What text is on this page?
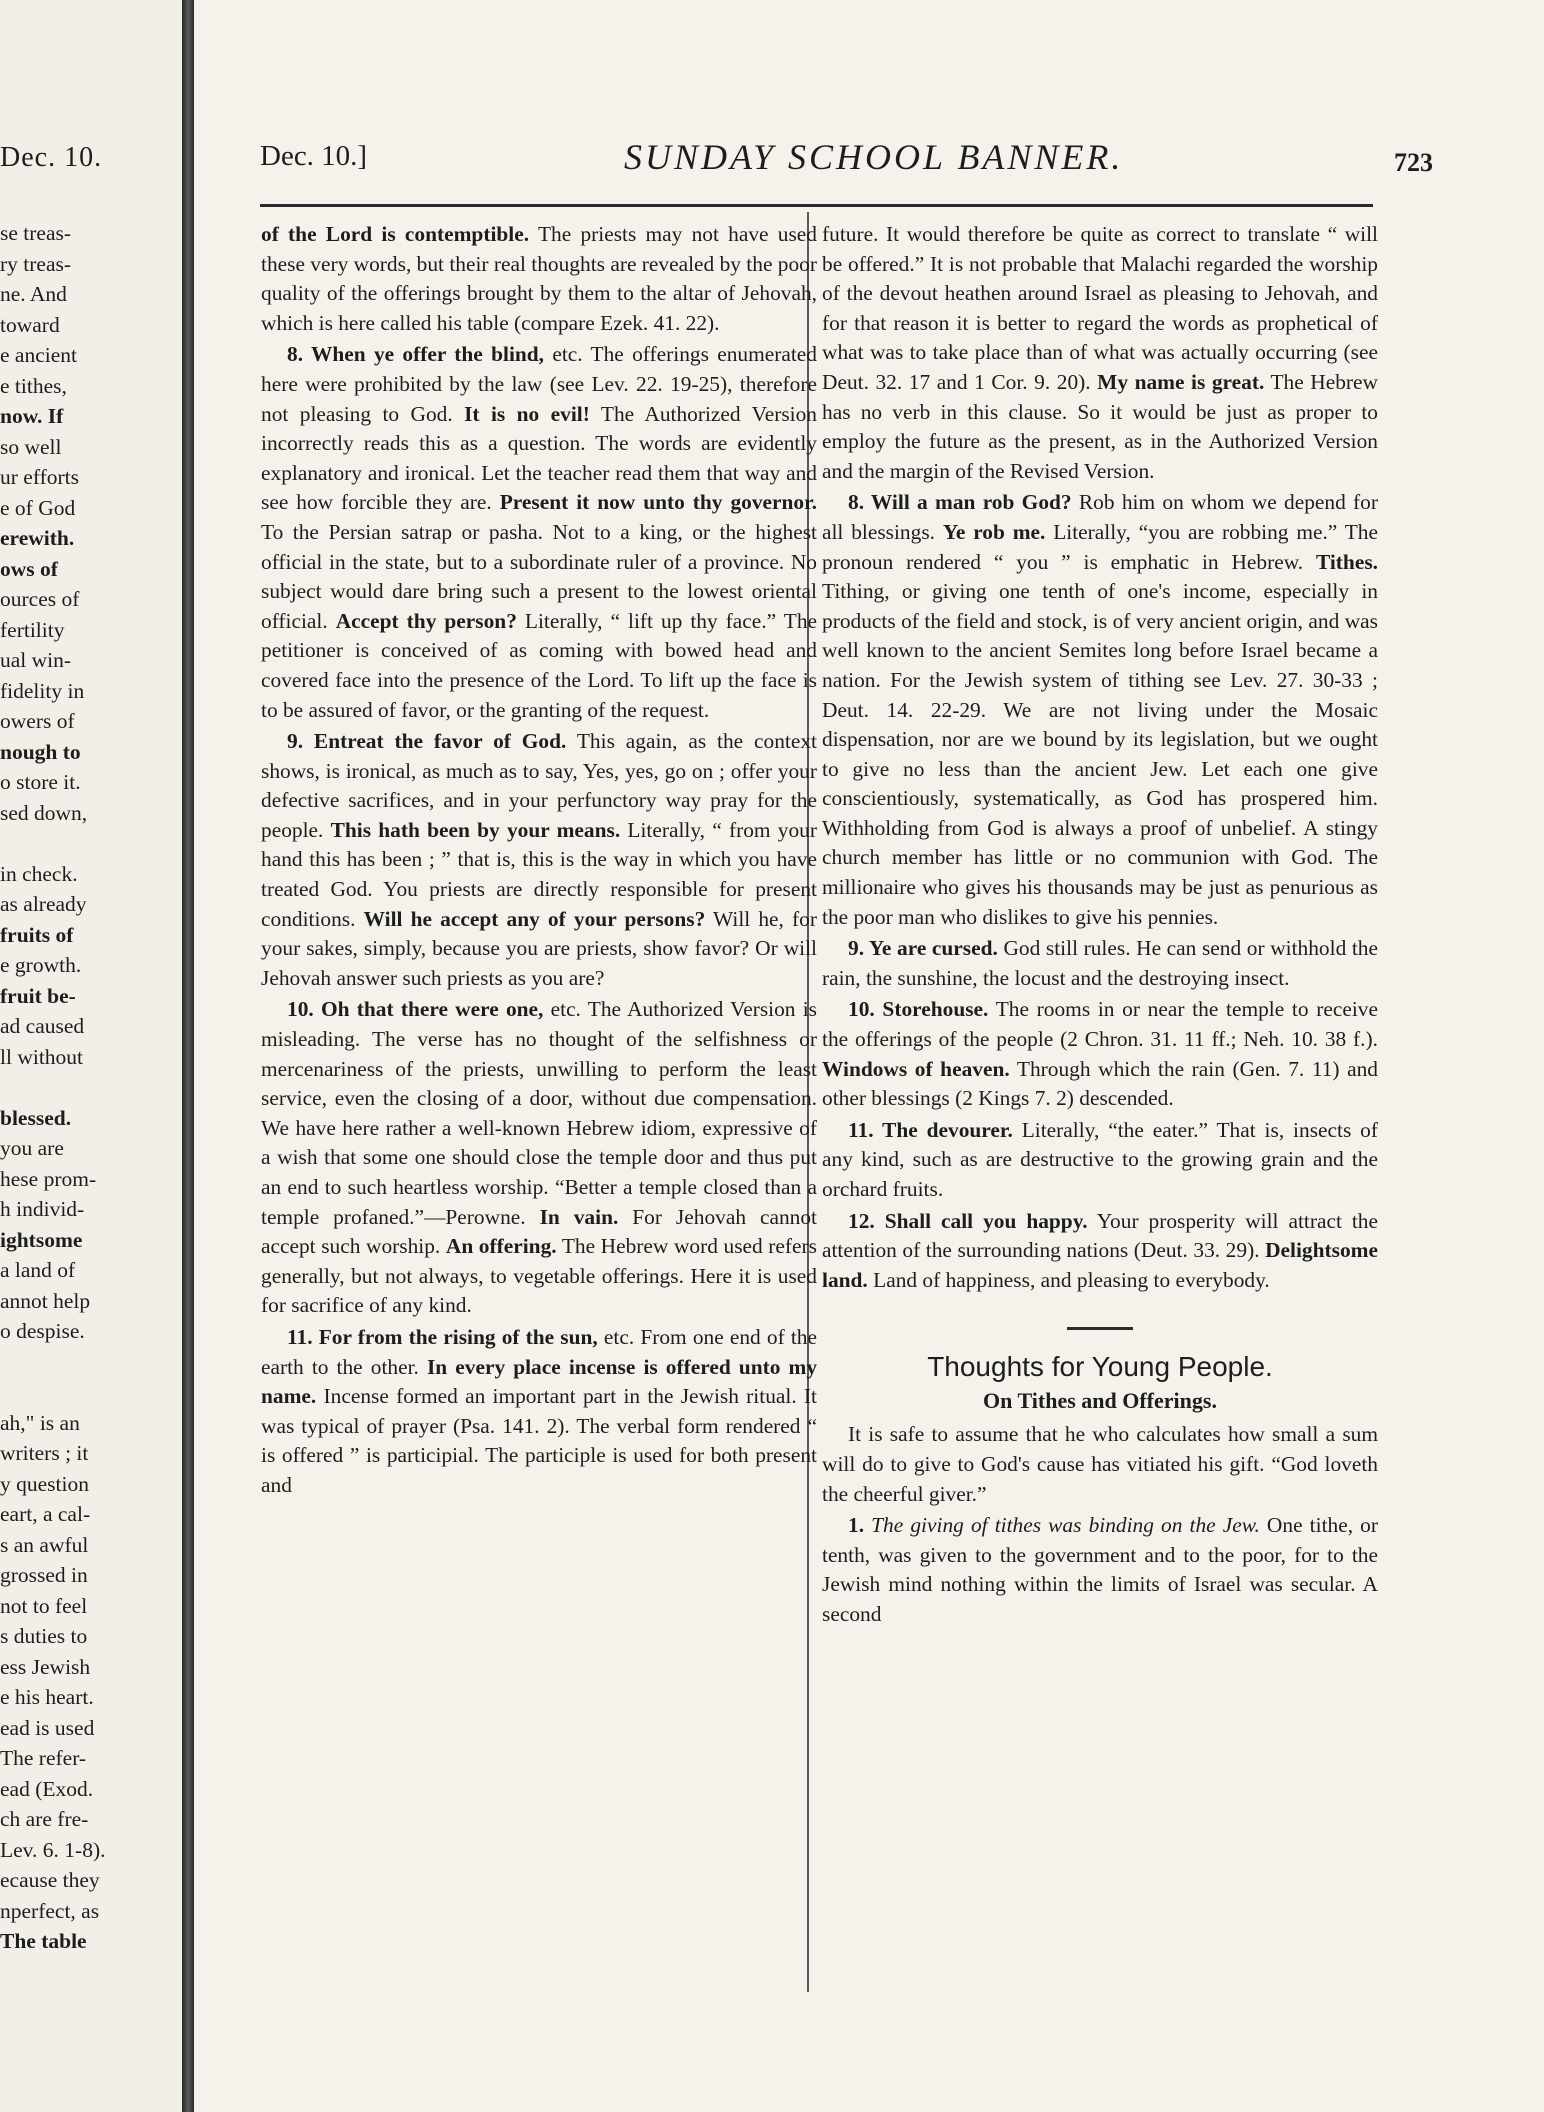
Dec. 10.
se treas-
ry treas-
ne. And
toward
e ancient
e tithes,
now. If
so well
ur efforts
e of God
erewith.
ows of
ources of
fertility
ual win-
fidelity in
owers of
nough to
o store it.
sed down,
in check.
as already
fruits of
e growth.
fruit be-
ad caused
ll without
blessed.
you are
hese prom-
h individ-
ightsome
a land of
annot help
o despise.
ah," is an
writers ; it
y question
eart, a cal-
s an awful
grossed in
not to feel
s duties to
ess Jewish
e his heart.
ead is used
The refer-
ead (Exod.
ch are fre-
Lev. 6. 1-8).
ecause they
nperfect, as
The table
Dec. 10.]	SUNDAY SCHOOL BANNER.	723

of the Lord is contemptible. The priests may not have used these very words, but their real thoughts are revealed by the poor quality of the offerings brought by them to the altar of Jehovah, which is here called his table (compare Ezek. 41. 22).

8. When ye offer the blind, etc. The offerings enumerated here were prohibited by the law (see Lev. 22. 19-25), therefore not pleasing to God. It is no evil! The Authorized Version incorrectly reads this as a question. The words are evidently explanatory and ironical. Let the teacher read them that way and see how forcible they are. Present it now unto thy governor. To the Persian satrap or pasha. Not to a king, or the highest official in the state, but to a subordinate ruler of a province. No subject would dare bring such a present to the lowest oriental official. Accept thy person? Literally, “ lift up thy face.” The petitioner is conceived of as coming with bowed head and covered face into the presence of the Lord. To lift up the face is to be assured of favor, or the granting of the request.

9. Entreat the favor of God. This again, as the context shows, is ironical, as much as to say, Yes, yes, go on ; offer your defective sacrifices, and in your perfunctory way pray for the people. This hath been by your means. Literally, “ from your hand this has been ; ” that is, this is the way in which you have treated God. You priests are directly responsible for present conditions. Will he accept any of your persons? Will he, for your sakes, simply, because you are priests, show favor? Or will Jehovah answer such priests as you are?

10. Oh that there were one, etc. The Authorized Version is misleading. The verse has no thought of the selfishness or mercenariness of the priests, unwilling to perform the least service, even the closing of a door, without due compensation. We have here rather a well-known Hebrew idiom, expressive of a wish that some one should close the temple door and thus put an end to such heartless worship. “Better a temple closed than a temple profaned.”—Perowne. In vain. For Jehovah cannot accept such worship. An offering. The Hebrew word used refers generally, but not always, to vegetable offerings. Here it is used for sacrifice of any kind.

11. For from the rising of the sun, etc. From one end of the earth to the other. In every place incense is offered unto my name. Incense formed an important part in the Jewish ritual. It was typical of prayer (Psa. 141. 2). The verbal form rendered “ is offered ” is participial. The participle is used for both present and

future. It would therefore be quite as correct to translate “ will be offered.” It is not probable that Malachi regarded the worship of the devout heathen around Israel as pleasing to Jehovah, and for that reason it is better to regard the words as prophetical of what was to take place than of what was actually occurring (see Deut. 32. 17 and 1 Cor. 9. 20). My name is great. The Hebrew has no verb in this clause. So it would be just as proper to employ the future as the present, as in the Authorized Version and the margin of the Revised Version.

8. Will a man rob God? Rob him on whom we depend for all blessings. Ye rob me. Literally, “you are robbing me.” The pronoun rendered “ you ” is emphatic in Hebrew. Tithes. Tithing, or giving one tenth of one's income, especially in products of the field and stock, is of very ancient origin, and was well known to the ancient Semites long before Israel became a nation. For the Jewish system of tithing see Lev. 27. 30-33 ; Deut. 14. 22-29. We are not living under the Mosaic dispensation, nor are we bound by its legislation, but we ought to give no less than the ancient Jew. Let each one give conscientiously, systematically, as God has prospered him. Withholding from God is always a proof of unbelief. A stingy church member has little or no communion with God. The millionaire who gives his thousands may be just as penurious as the poor man who dislikes to give his pennies.

9. Ye are cursed. God still rules. He can send or withhold the rain, the sunshine, the locust and the destroying insect.

10. Storehouse. The rooms in or near the temple to receive the offerings of the people (2 Chron. 31. 11 ff.; Neh. 10. 38 f.). Windows of heaven. Through which the rain (Gen. 7. 11) and other blessings (2 Kings 7. 2) descended.

11. The devourer. Literally, “the eater.” That is, insects of any kind, such as are destructive to the growing grain and the orchard fruits.

12. Shall call you happy. Your prosperity will attract the attention of the surrounding nations (Deut. 33. 29). Delightsome land. Land of happiness, and pleasing to everybody.

Thoughts for Young People.
On Tithes and Offerings.

It is safe to assume that he who calculates how small a sum will do to give to God's cause has vitiated his gift. “God loveth the cheerful giver.”

1. The giving of tithes was binding on the Jew. One tithe, or tenth, was given to the government and to the poor, for to the Jewish mind nothing within the limits of Israel was secular. A second
